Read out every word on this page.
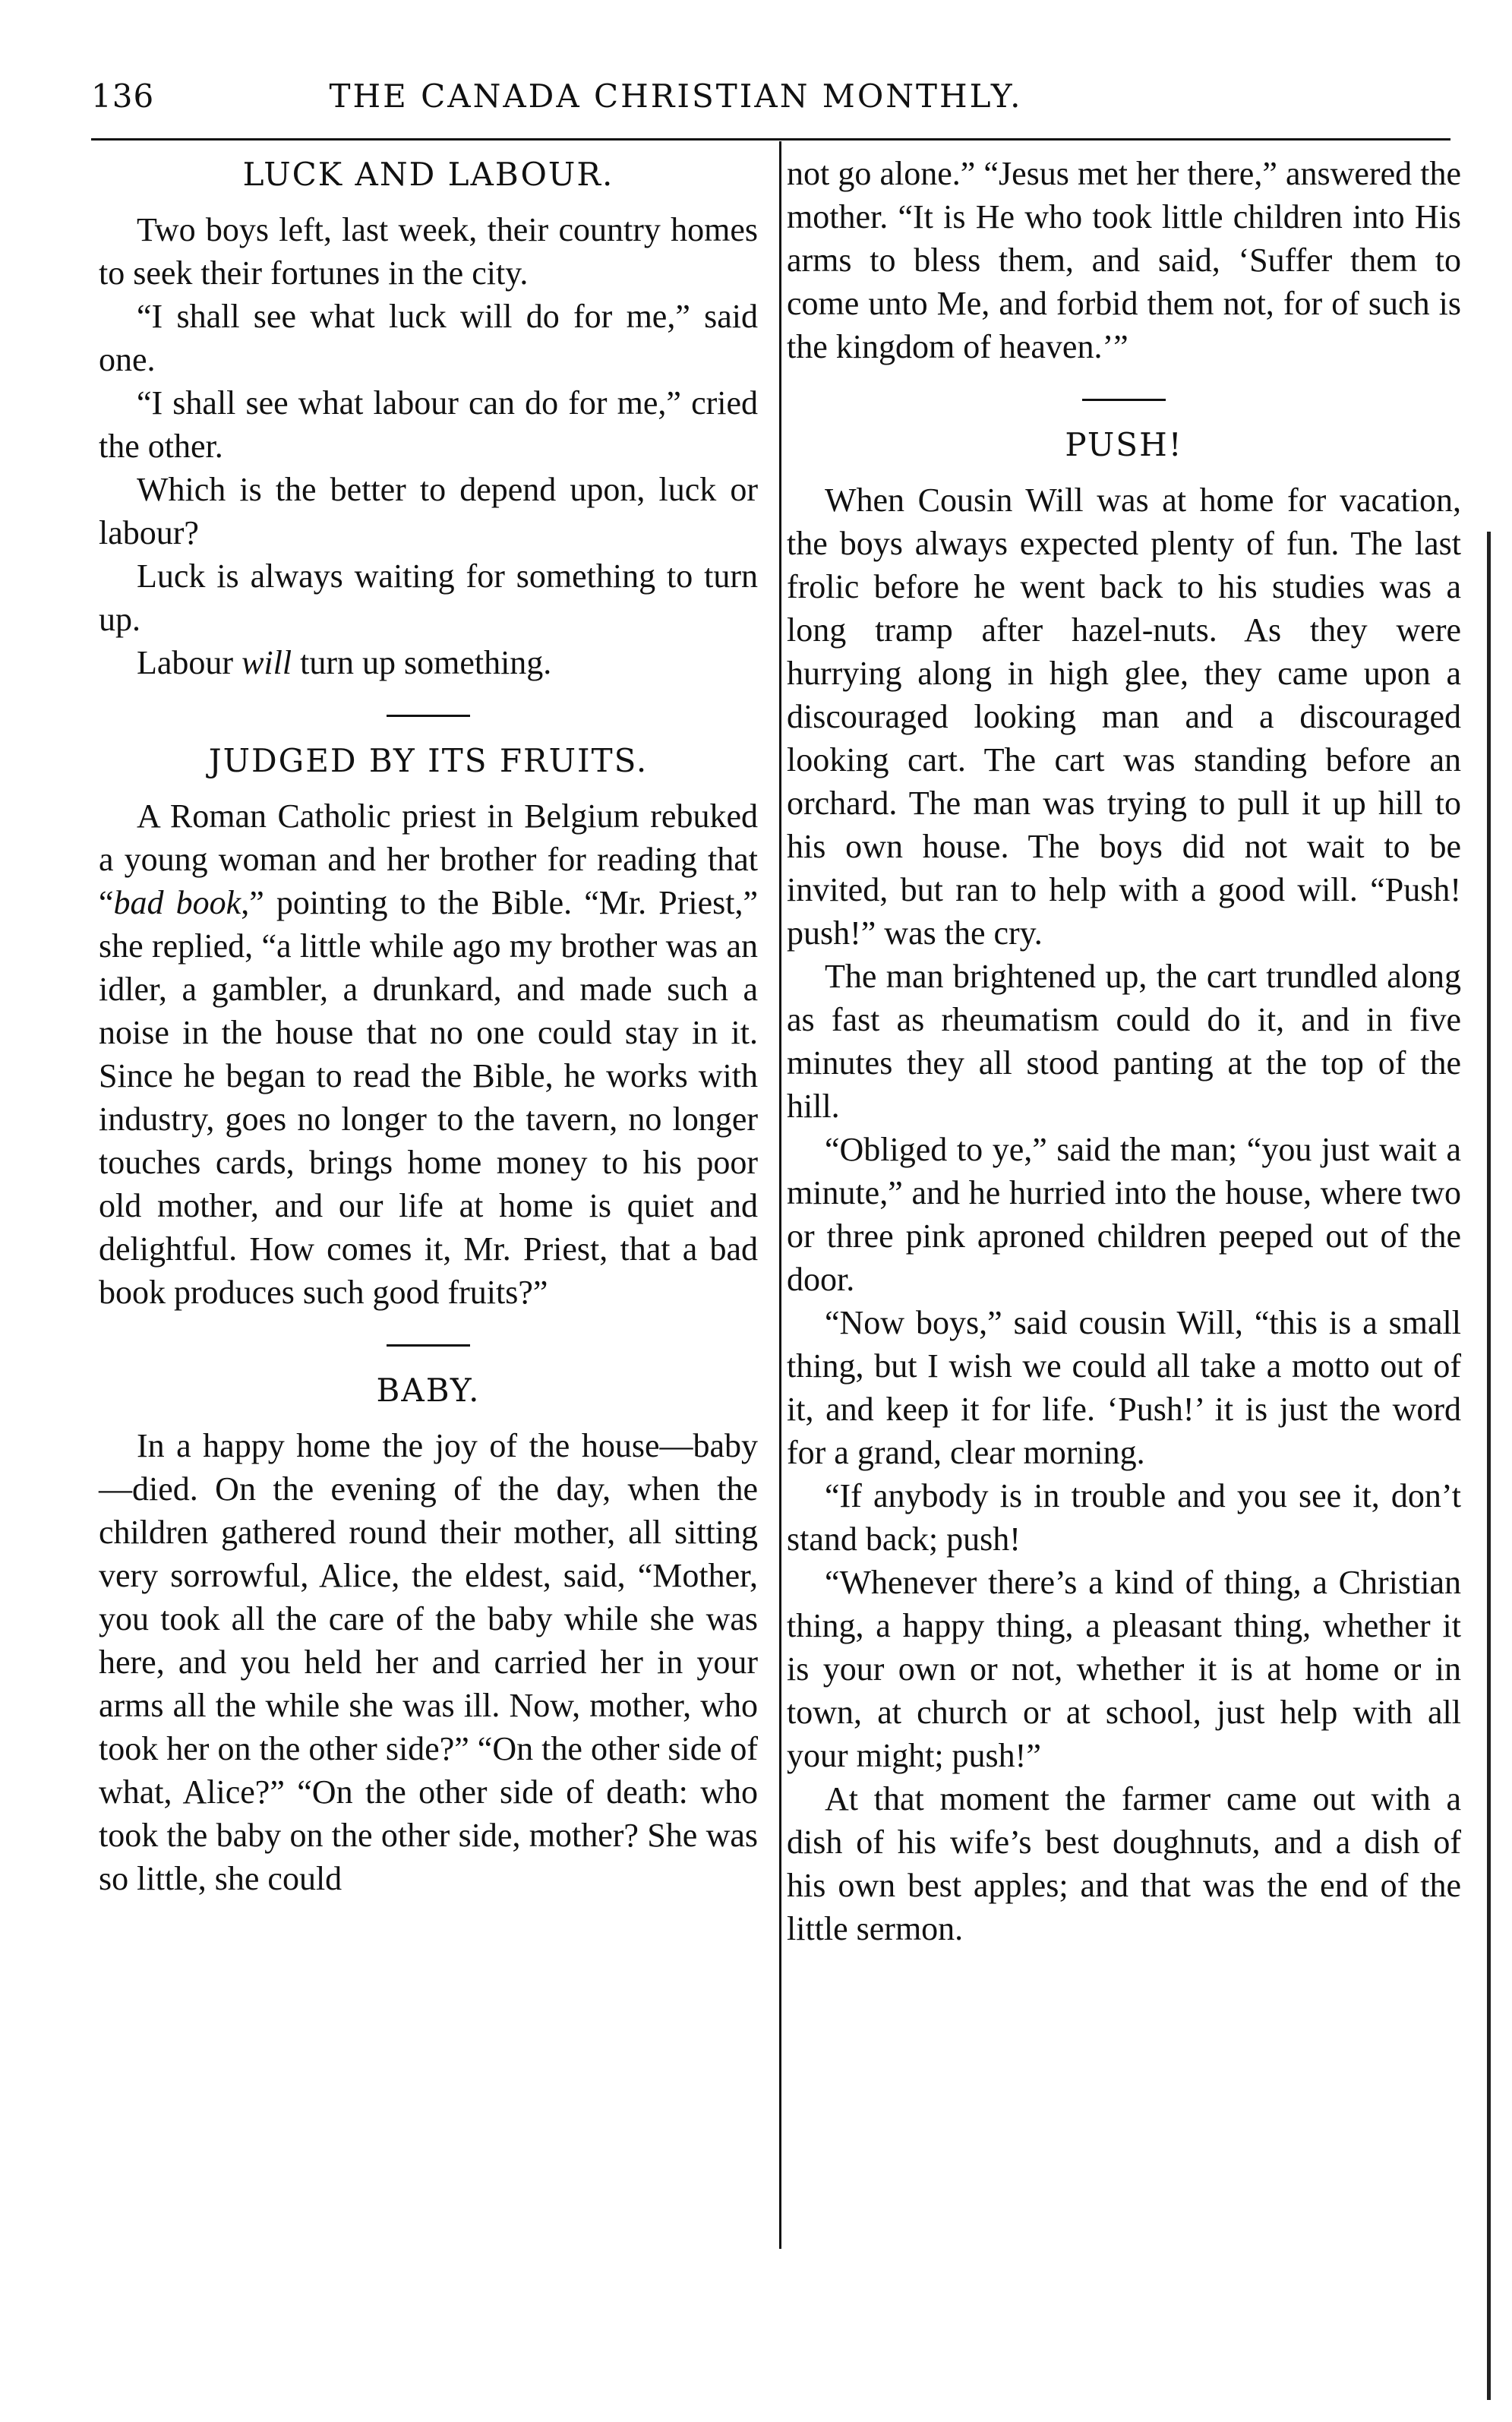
136	THE CANADA CHRISTIAN MONTHLY.
LUCK AND LABOUR.

Two boys left, last week, their country homes to seek their fortunes in the city.

“I shall see what luck will do for me,” said one.

“I shall see what labour can do for me,” cried the other.

Which is the better to depend upon, luck or labour?

Luck is always waiting for something to turn up.

Labour will turn up something.

JUDGED BY ITS FRUITS.

A Roman Catholic priest in Belgium rebuked a young woman and her brother for reading that “bad book,” pointing to the Bible. “Mr. Priest,” she replied, “a little while ago my brother was an idler, a gambler, a drunkard, and made such a noise in the house that no one could stay in it. Since he began to read the Bible, he works with industry, goes no longer to the tavern, no longer touches cards, brings home money to his poor old mother, and our life at home is quiet and delightful. How comes it, Mr. Priest, that a bad book produces such good fruits?”

BABY.

In a happy home the joy of the house—baby—died. On the evening of the day, when the children gathered round their mother, all sitting very sorrowful, Alice, the eldest, said, “Mother, you took all the care of the baby while she was here, and you held her and carried her in your arms all the while she was ill. Now, mother, who took her on the other side?” “On the other side of what, Alice?” “On the other side of death: who took the baby on the other side, mother? She was so little, she could

not go alone.” “Jesus met her there,” answered the mother. “It is He who took little children into His arms to bless them, and said, ‘Suffer them to come unto Me, and forbid them not, for of such is the kingdom of heaven.’”

PUSH!

When Cousin Will was at home for vacation, the boys always expected plenty of fun. The last frolic before he went back to his studies was a long tramp after hazel-nuts. As they were hurrying along in high glee, they came upon a discouraged looking man and a discouraged looking cart. The cart was standing before an orchard. The man was trying to pull it up hill to his own house. The boys did not wait to be invited, but ran to help with a good will. “Push! push!” was the cry.

The man brightened up, the cart trundled along as fast as rheumatism could do it, and in five minutes they all stood panting at the top of the hill.

“Obliged to ye,” said the man; “you just wait a minute,” and he hurried into the house, where two or three pink aproned children peeped out of the door.

“Now boys,” said cousin Will, “this is a small thing, but I wish we could all take a motto out of it, and keep it for life. ‘Push!’ it is just the word for a grand, clear morning.

“If anybody is in trouble and you see it, don’t stand back; push!

“Whenever there’s a kind of thing, a Christian thing, a happy thing, a pleasant thing, whether it is your own or not, whether it is at home or in town, at church or at school, just help with all your might; push!”

At that moment the farmer came out with a dish of his wife’s best doughnuts, and a dish of his own best apples; and that was the end of the little sermon.
